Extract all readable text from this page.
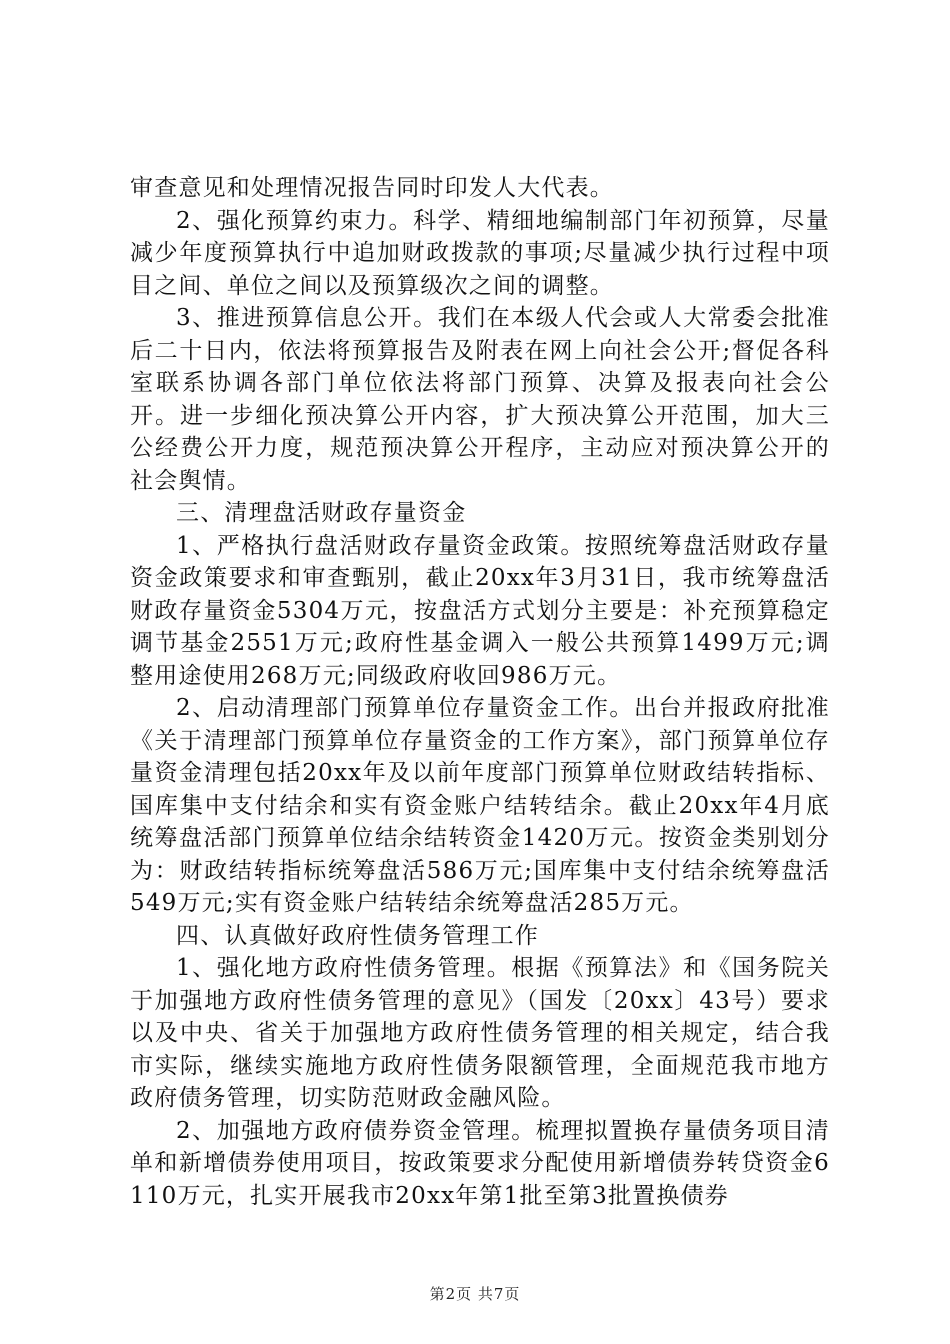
审查意见和处理情况报告同时印发人大代表。

2、强化预算约束力。科学、精细地编制部门年初预算，尽量减少年度预算执行中追加财政拨款的事项;尽量减少执行过程中项目之间、单位之间以及预算级次之间的调整。

3、推进预算信息公开。我们在本级人代会或人大常委会批准后二十日内，依法将预算报告及附表在网上向社会公开;督促各科室联系协调各部门单位依法将部门预算、决算及报表向社会公开。进一步细化预决算公开内容，扩大预决算公开范围，加大三公经费公开力度，规范预决算公开程序，主动应对预决算公开的社会舆情。

三、清理盘活财政存量资金

1、严格执行盘活财政存量资金政策。按照统筹盘活财政存量资金政策要求和审查甄别，截止20xx年3月31日，我市统筹盘活财政存量资金5304万元，按盘活方式划分主要是：补充预算稳定调节基金2551万元;政府性基金调入一般公共预算1499万元;调整用途使用268万元;同级政府收回986万元。

2、启动清理部门预算单位存量资金工作。出台并报政府批准《关于清理部门预算单位存量资金的工作方案》，部门预算单位存量资金清理包括20xx年及以前年度部门预算单位财政结转指标、国库集中支付结余和实有资金账户结转结余。截止20xx年4月底统筹盘活部门预算单位结余结转资金1420万元。按资金类别划分为：财政结转指标统筹盘活586万元;国库集中支付结余统筹盘活549万元;实有资金账户结转结余统筹盘活285万元。

四、认真做好政府性债务管理工作

1、强化地方政府性债务管理。根据《预算法》和《国务院关于加强地方政府性债务管理的意见》（国发〔20xx〕43号）要求以及中央、省关于加强地方政府性债务管理的相关规定，结合我市实际，继续实施地方政府性债务限额管理，全面规范我市地方政府债务管理，切实防范财政金融风险。

2、加强地方政府债券资金管理。梳理拟置换存量债务项目清单和新增债券使用项目，按政策要求分配使用新增债券转贷资金6110万元，扎实开展我市20xx年第1批至第3批置换债券

第2页 共7页
